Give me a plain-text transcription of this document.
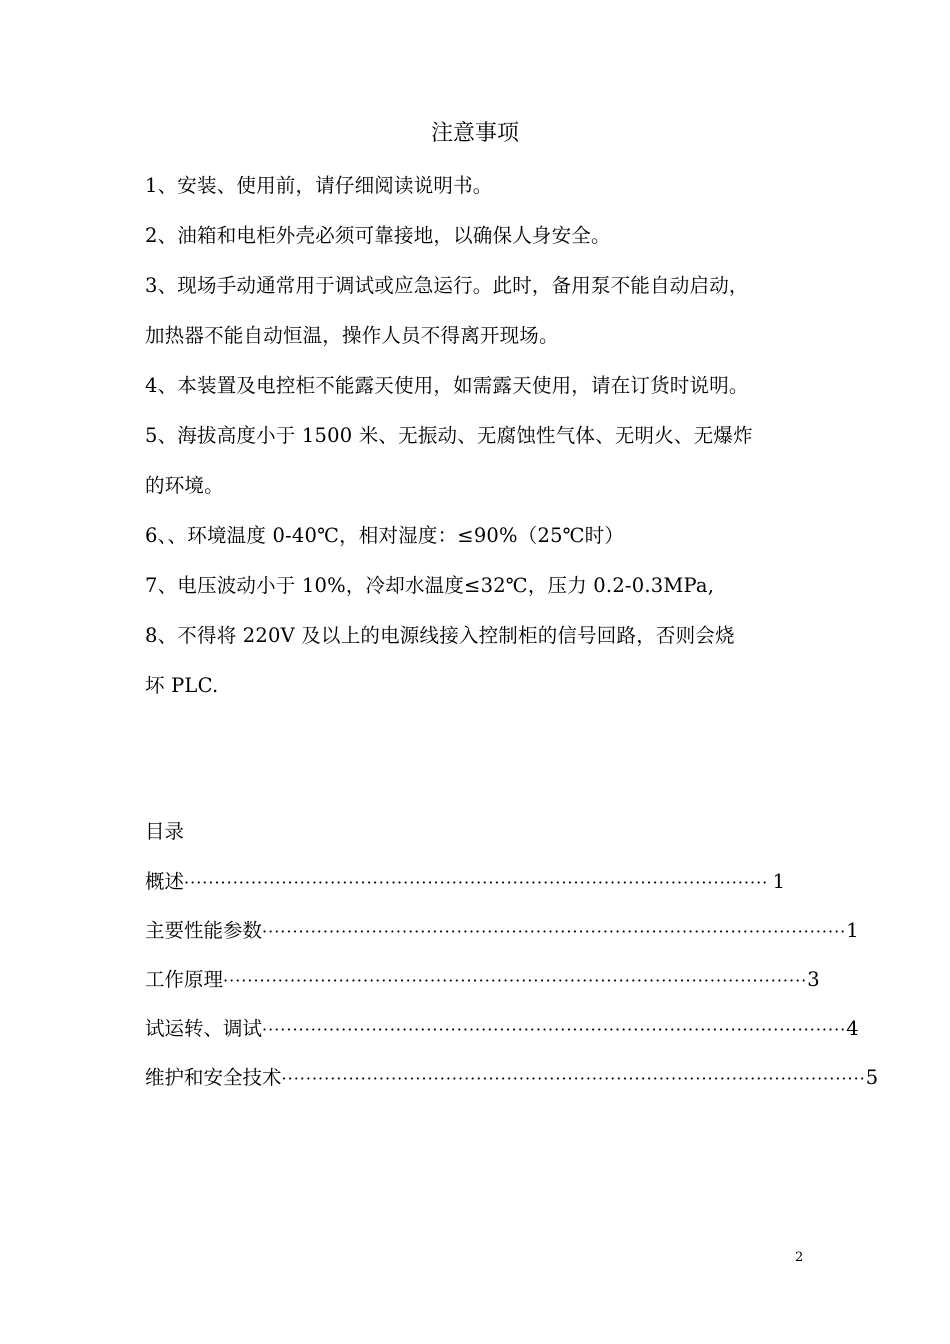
注意事项
1、安装、使用前，请仔细阅读说明书。
2、油箱和电柜外壳必须可靠接地，以确保人身安全。
3、现场手动通常用于调试或应急运行。此时，备用泵不能自动启动，
加热器不能自动恒温，操作人员不得离开现场。
4、本装置及电控柜不能露天使用，如需露天使用，请在订货时说明。
5、海拔高度小于 1500 米、无振动、无腐蚀性气体、无明火、无爆炸
的环境。
6、、环境温度 0-40℃，相对湿度：≤90%（25℃时）
7、电压波动小于 10%，冷却水温度≤32℃，压力 0.2-0.3MPa,
8、不得将 220V 及以上的电源线接入控制柜的信号回路，否则会烧
坏 PLC.
目录
概述 ································································································ 1
主要性能参数 ································································································ 1
工作原理 ································································································ 3
试运转、调试 ································································································ 4
维护和安全技术 ································································································ 5
2
